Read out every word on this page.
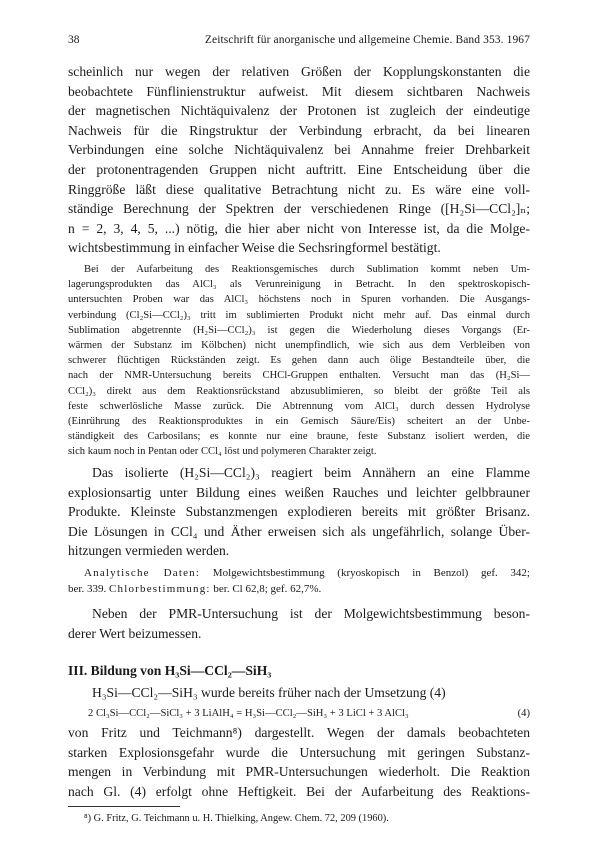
38	Zeitschrift für anorganische und allgemeine Chemie. Band 353. 1967
scheinlich nur wegen der relativen Größen der Kopplungskonstanten die
beobachtete Fünflinienstruktur aufweist. Mit diesem sichtbaren Nachweis
der magnetischen Nichtäquivalenz der Protonen ist zugleich der eindeutige
Nachweis für die Ringstruktur der Verbindung erbracht, da bei linearen
Verbindungen eine solche Nichtäquivalenz bei Annahme freier Drehbarkeit
der protonentragenden Gruppen nicht auftritt. Eine Entscheidung über die
Ringgröße läßt diese qualitative Betrachtung nicht zu. Es wäre eine voll-
ständige Berechnung der Spektren der verschiedenen Ringe ([H₂Si—CCl₂]ₙ;
n = 2, 3, 4, 5, ...) nötig, die hier aber nicht von Interesse ist, da die Molge-
wichtsbestimmung in einfacher Weise die Sechsringformel bestätigt.
Bei der Aufarbeitung des Reaktionsgemisches durch Sublimation kommt neben Um-
lagerungsprodukten das AlCl₃ als Verunreinigung in Betracht. In den spektroskopisch-
untersuchten Proben war das AlCl₃ höchstens noch in Spuren vorhanden. Die Ausgangs-
verbindung (Cl₂Si—CCl₂)₃ tritt im sublimierten Produkt nicht mehr auf. Das einmal durch
Sublimation abgetrennte (H₂Si—CCl₂)₃ ist gegen die Wiederholung dieses Vorgangs (Er-
wärmen der Substanz im Kölbchen) nicht unempfindlich, wie sich aus dem Verbleiben von
schwerer flüchtigen Rückständen zeigt. Es gehen dann auch ölige Bestandteile über, die
nach der NMR-Untersuchung bereits CHCl-Gruppen enthalten. Versucht man das (H₂Si—
CCl₂)₃ direkt aus dem Reaktionsrückstand abzusublimieren, so bleibt der größte Teil als
feste schwerlösliche Masse zurück. Die Abtrennung vom AlCl₃ durch dessen Hydrolyse
(Einrührung des Reaktionsproduktes in ein Gemisch Säure/Eis) scheitert an der Unbe-
ständigkeit des Carbosilans; es konnte nur eine braune, feste Substanz isoliert werden, die
sich kaum noch in Pentan oder CCl₄ löst und polymeren Charakter zeigt.
Das isolierte (H₂Si—CCl₂)₃ reagiert beim Annähern an eine Flamme
explosionsartig unter Bildung eines weißen Rauches und leichter gelbbrauner
Produkte. Kleinste Substanzmengen explodieren bereits mit größter Brisanz.
Die Lösungen in CCl₄ und Äther erweisen sich als ungefährlich, solange Über-
hitzungen vermieden werden.
Analytische Daten: Molgewichtsbestimmung (kryoskopisch in Benzol) gef. 342;
ber. 339. Chlorbestimmung: ber. Cl 62,8; gef. 62,7%.
Neben der PMR-Untersuchung ist der Molgewichtsbestimmung beson-
derer Wert beizumessen.
III. Bildung von H₃Si—CCl₂—SiH₃
H₃Si—CCl₂—SiH₃ wurde bereits früher nach der Umsetzung (4)
2 Cl₃Si—CCl₂—SiCl₃ + 3 LiAlH₄ = H₃Si—CCl₂—SiH₃ + 3 LiCl + 3 AlCl₃	(4)
von Fritz und Teichmann⁸) dargestellt. Wegen der damals beobachteten
starken Explosionsgefahr wurde die Untersuchung mit geringen Substanz-
mengen in Verbindung mit PMR-Untersuchungen wiederholt. Die Reaktion
nach Gl. (4) erfolgt ohne Heftigkeit. Bei der Aufarbeitung des Reaktions-
⁸) G. Fritz, G. Teichmann u. H. Thielking, Angew. Chem. 72, 209 (1960).
